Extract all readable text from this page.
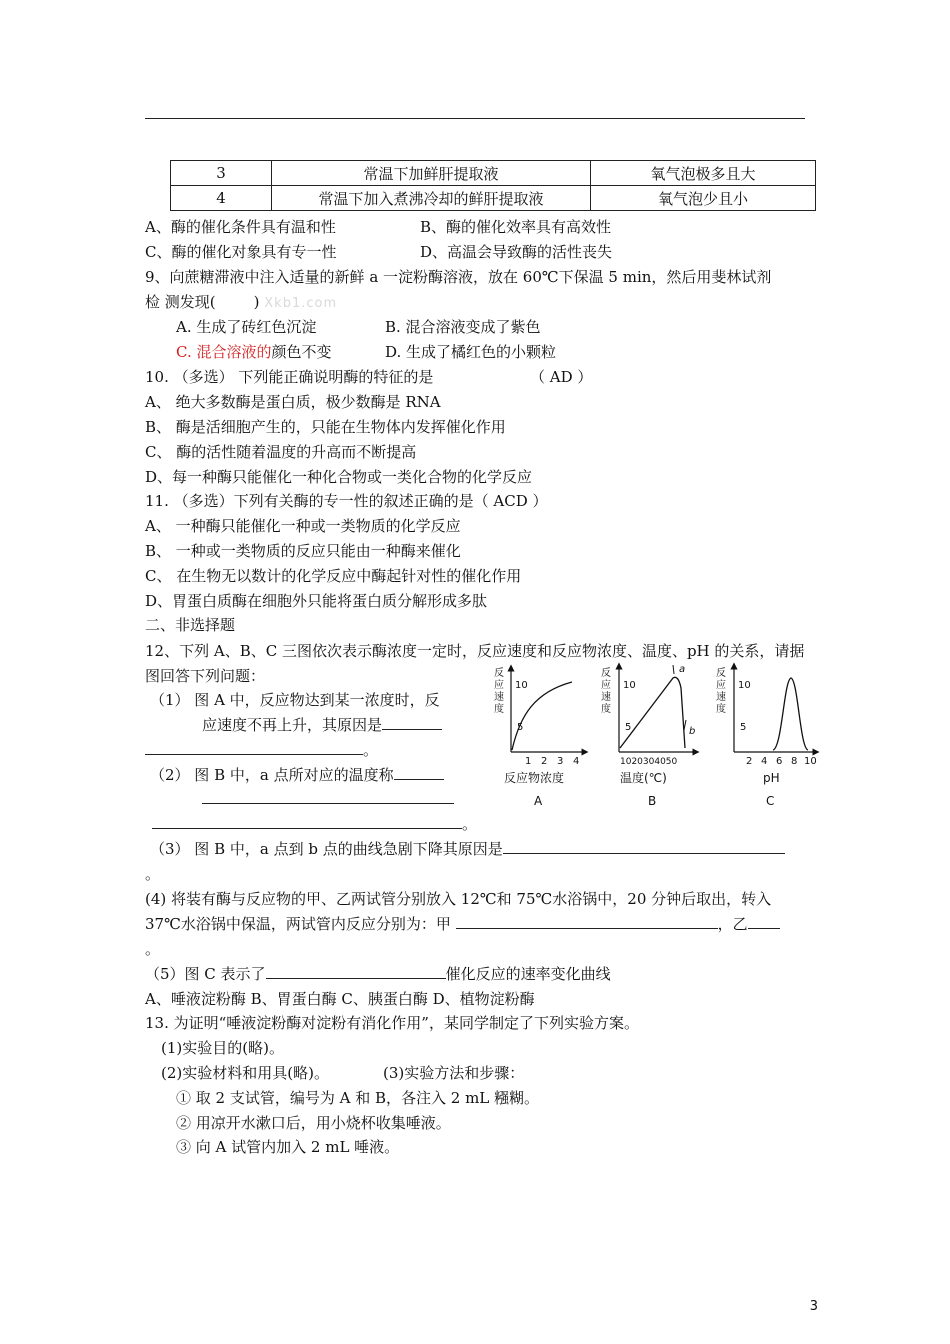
3	常温下加鲜肝提取液	氧气泡极多且大
4	常温下加入煮沸冷却的鲜肝提取液	氧气泡少且小
A、酶的催化条件具有温和性	B、酶的催化效率具有高效性
C、酶的催化对象具有专一性	D、高温会导致酶的活性丧失
9、向蔗糖滞液中注入适量的新鲜 a 一淀粉酶溶液，放在 60℃下保温 5 min，然后用斐林试剂
检 测发现(	) Xkb1.com
A. 生成了砖红色沉淀	B. 混合溶液变成了紫色
C. 混合溶液的颜色不变	D. 生成了橘红色的小颗粒
10. （多选） 下列能正确说明酶的特征的是	（ AD ）
A、 绝大多数酶是蛋白质，极少数酶是 RNA
B、 酶是活细胞产生的，只能在生物体内发挥催化作用
C、 酶的活性随着温度的升高而不断提高
D、每一种酶只能催化一种化合物或一类化合物的化学反应
11. （多选）下列有关酶的专一性的叙述正确的是（ ACD ）
A、 一种酶只能催化一种或一类物质的化学反应
B、 一种或一类物质的反应只能由一种酶来催化
C、 在生物无以数计的化学反应中酶起针对性的催化作用
D、胃蛋白质酶在细胞外只能将蛋白质分解形成多肽
二、非选择题
12、下列 A、B、C 三图依次表示酶浓度一定时，反应速度和反应物浓度、温度、pH 的关系，请据
图回答下列问题：
（1） 图 A 中，反应物达到某一浓度时，反
应速度不再上升，其原因是
。
（2） 图 B 中，a 点所对应的温度称
。
（3） 图 B 中，a 点到 b 点的曲线急剧下降其原因是
。
(4) 将装有酶与反应物的甲、乙两试管分别放入 12℃和 75℃水浴锅中，20 分钟后取出，转入
37℃水浴锅中保温，两试管内反应分别为：甲	，乙
。
（5）图 C 表示了	催化反应的速率变化曲线
A、唾液淀粉酶 B、胃蛋白酶 C、胰蛋白酶 D、植物淀粉酶
反
应
速
度
10
5
1 2 3 4
反应物浓度
A
反
应
速
度
10
5
a
b
1020304050
温度(℃)
B
反
应
速
度
10
5
2 4 6 8 10
pH
C
13. 为证明“唾液淀粉酶对淀粉有消化作用”，某同学制定了下列实验方案。
(1)实验目的(略)。
(2)实验材料和用具(略)。	(3)实验方法和步骤：
① 取 2 支试管，编号为 A 和 B，各注入 2 mL 糨糊。
② 用凉开水漱口后，用小烧杯收集唾液。
③ 向 A 试管内加入 2 mL 唾液。
3
